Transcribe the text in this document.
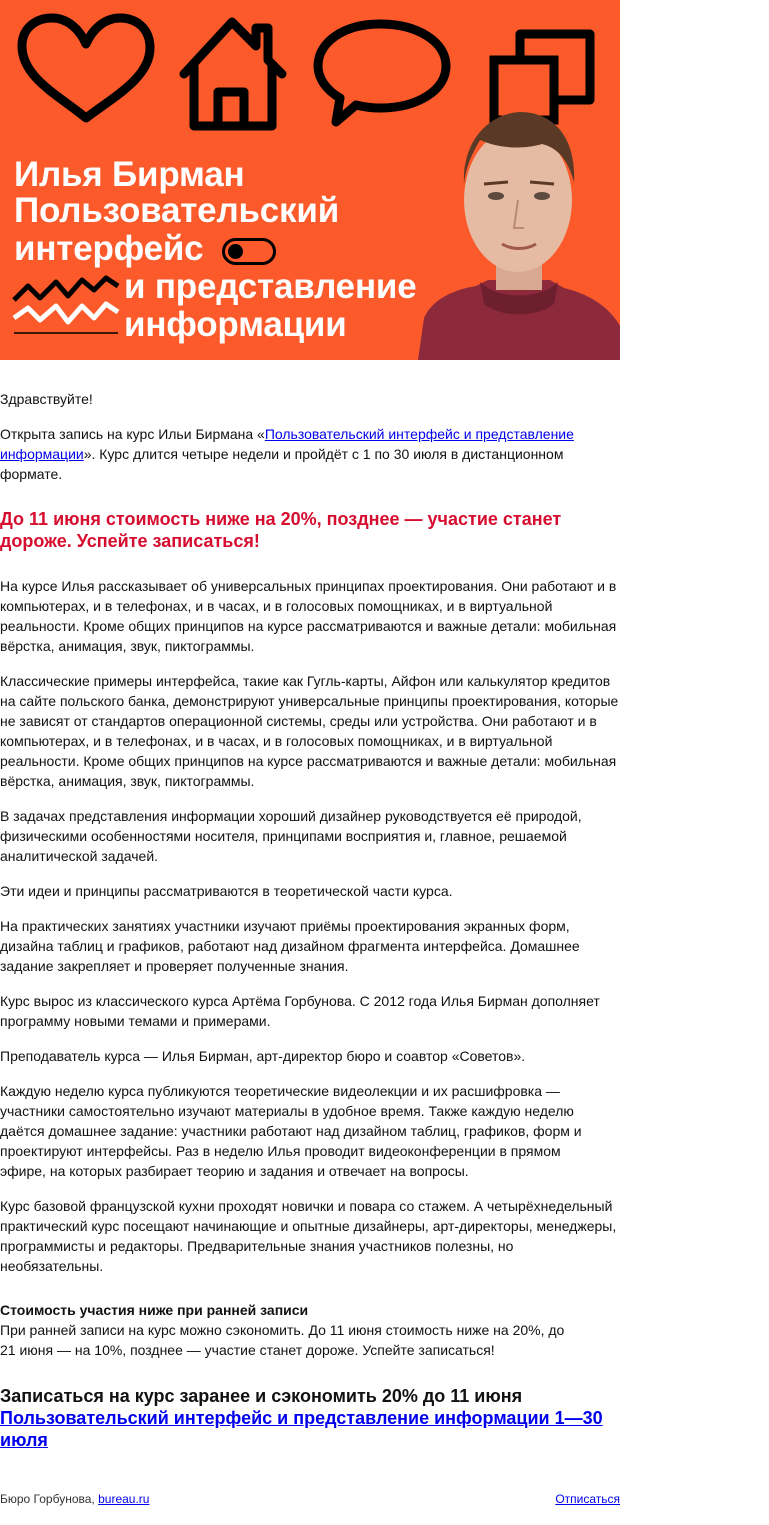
Илья Бирман
Пользовательский
интерфейс
и представление
информации

Здравствуйте!

Открыта запись на курс Ильи Бирмана «Пользовательский интерфейс и представление информации». Курс длится четыре недели и пройдёт с 1 по 30 июля в дистанционном формате.

До 11 июня стоимость ниже на 20%, позднее — участие станет дороже. Успейте записаться!

На курсе Илья рассказывает об универсальных принципах проектирования. Они работают и в компьютерах, и в телефонах, и в часах, и в голосовых помощниках, и в виртуальной реальности. Кроме общих принципов на курсе рассматриваются и важные детали: мобильная вёрстка, анимация, звук, пиктограммы.

Классические примеры интерфейса, такие как Гугль-карты, Айфон или калькулятор кредитов на сайте польского банка, демонстрируют универсальные принципы проектирования, которые не зависят от стандартов операционной системы, среды или устройства. Они работают и в компьютерах, и в телефонах, и в часах, и в голосовых помощниках, и в виртуальной реальности. Кроме общих принципов на курсе рассматриваются и важные детали: мобильная вёрстка, анимация, звук, пиктограммы.

В задачах представления информации хороший дизайнер руководствуется её природой, физическими особенностями носителя, принципами восприятия и, главное, решаемой аналитической задачей.

Эти идеи и принципы рассматриваются в теоретической части курса.

На практических занятиях участники изучают приёмы проектирования экранных форм, дизайна таблиц и графиков, работают над дизайном фрагмента интерфейса. Домашнее задание закрепляет и проверяет полученные знания.

Курс вырос из классического курса Артёма Горбунова. С 2012 года Илья Бирман дополняет программу новыми темами и примерами.

Преподаватель курса — Илья Бирман, арт-директор бюро и соавтор «Советов».

Каждую неделю курса публикуются теоретические видеолекции и их расшифровка — участники самостоятельно изучают материалы в удобное время. Также каждую неделю даётся домашнее задание: участники работают над дизайном таблиц, графиков, форм и проектируют интерфейсы. Раз в неделю Илья проводит видеоконференции в прямом эфире, на которых разбирает теорию и задания и отвечает на вопросы.

Курс базовой французской кухни проходят новички и повара со стажем. А четырёхнедельный практический курс посещают начинающие и опытные дизайнеры, арт-директоры, менеджеры, программисты и редакторы. Предварительные знания участников полезны, но необязательны.

Стоимость участия ниже при ранней записи

При ранней записи на курс можно сэкономить. До 11 июня стоимость ниже на 20%, до 21 июня — на 10%, позднее — участие станет дороже. Успейте записаться!

Записаться на курс заранее и сэкономить 20% до 11 июня
Пользовательский интерфейс и представление информации 1—30 июля
Бюро Горбунова, bureau.ru	Отписаться
